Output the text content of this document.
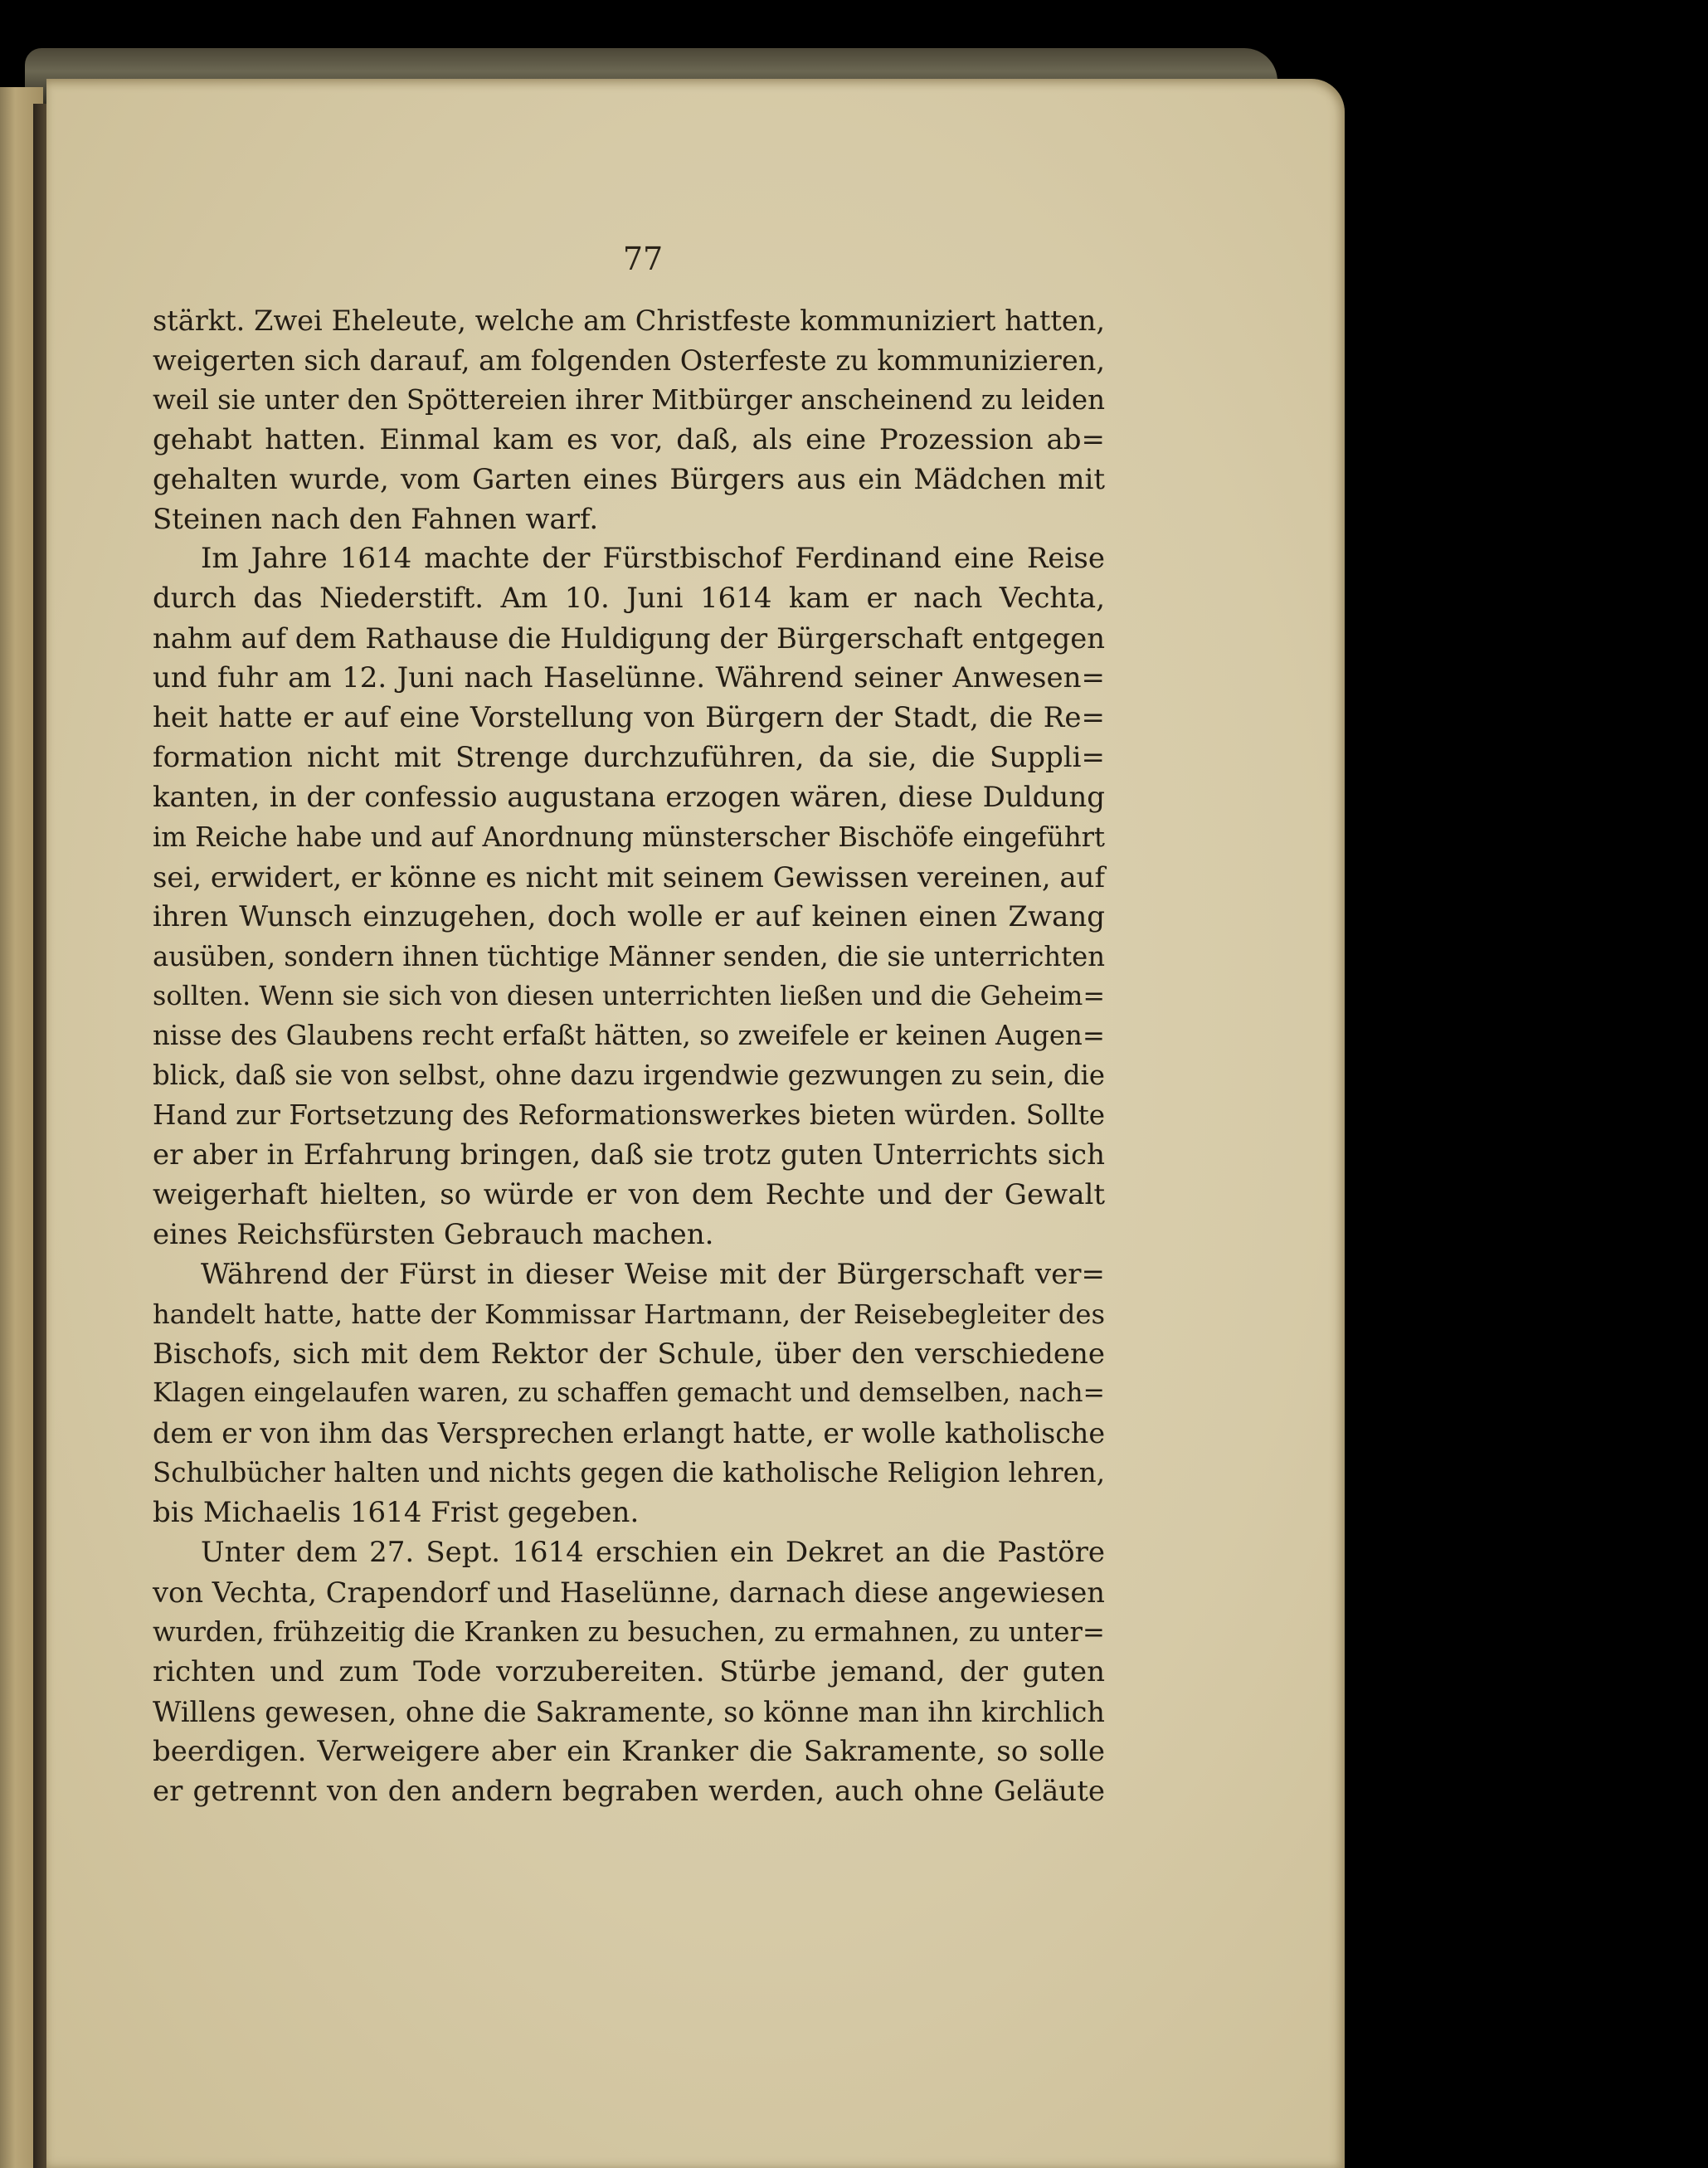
77

stärkt. Zwei Eheleute, welche am Christfeste kommuniziert hatten,

weigerten sich darauf, am folgenden Osterfeste zu kommunizieren,

weil sie unter den Spöttereien ihrer Mitbürger anscheinend zu leiden

gehabt hatten. Einmal kam es vor, daß, als eine Prozession ab=

gehalten wurde, vom Garten eines Bürgers aus ein Mädchen mit

Steinen nach den Fahnen warf.

Im Jahre 1614 machte der Fürstbischof Ferdinand eine Reise

durch das Niederstift. Am 10. Juni 1614 kam er nach Vechta,

nahm auf dem Rathause die Huldigung der Bürgerschaft entgegen

und fuhr am 12. Juni nach Haselünne. Während seiner Anwesen=

heit hatte er auf eine Vorstellung von Bürgern der Stadt, die Re=

formation nicht mit Strenge durchzuführen, da sie, die Suppli=

kanten, in der confessio augustana erzogen wären, diese Duldung

im Reiche habe und auf Anordnung münsterscher Bischöfe eingeführt

sei, erwidert, er könne es nicht mit seinem Gewissen vereinen, auf

ihren Wunsch einzugehen, doch wolle er auf keinen einen Zwang

ausüben, sondern ihnen tüchtige Männer senden, die sie unterrichten

sollten. Wenn sie sich von diesen unterrichten ließen und die Geheim=

nisse des Glaubens recht erfaßt hätten, so zweifele er keinen Augen=

blick, daß sie von selbst, ohne dazu irgendwie gezwungen zu sein, die

Hand zur Fortsetzung des Reformationswerkes bieten würden. Sollte

er aber in Erfahrung bringen, daß sie trotz guten Unterrichts sich

weigerhaft hielten, so würde er von dem Rechte und der Gewalt

eines Reichsfürsten Gebrauch machen.

Während der Fürst in dieser Weise mit der Bürgerschaft ver=

handelt hatte, hatte der Kommissar Hartmann, der Reisebegleiter des

Bischofs, sich mit dem Rektor der Schule, über den verschiedene

Klagen eingelaufen waren, zu schaffen gemacht und demselben, nach=

dem er von ihm das Versprechen erlangt hatte, er wolle katholische

Schulbücher halten und nichts gegen die katholische Religion lehren,

bis Michaelis 1614 Frist gegeben.

Unter dem 27. Sept. 1614 erschien ein Dekret an die Pastöre

von Vechta, Crapendorf und Haselünne, darnach diese angewiesen

wurden, frühzeitig die Kranken zu besuchen, zu ermahnen, zu unter=

richten und zum Tode vorzubereiten. Stürbe jemand, der guten

Willens gewesen, ohne die Sakramente, so könne man ihn kirchlich

beerdigen. Verweigere aber ein Kranker die Sakramente, so solle

er getrennt von den andern begraben werden, auch ohne Geläute
